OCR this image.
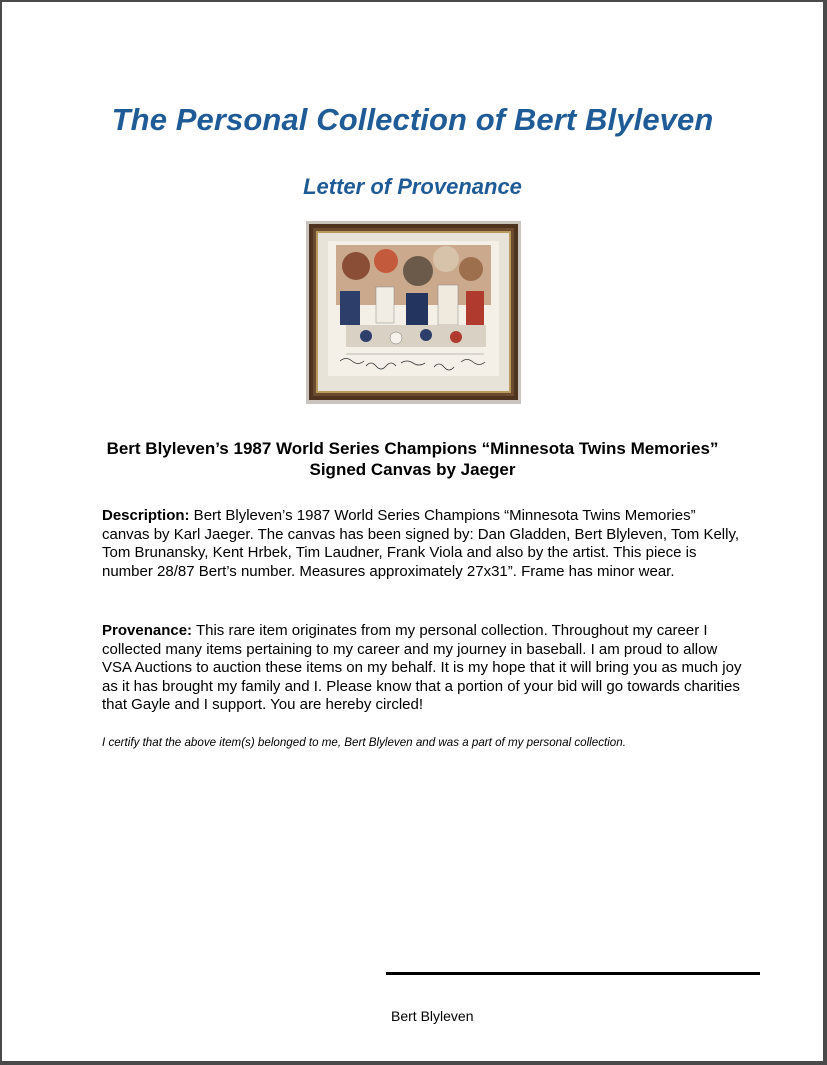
The Personal Collection of Bert Blyleven
Letter of Provenance
Bert Blyleven’s 1987 World Series Champions “Minnesota Twins Memories” Signed Canvas by Jaeger
Description: Bert Blyleven’s 1987 World Series Champions “Minnesota Twins Memories” canvas by Karl Jaeger. The canvas has been signed by: Dan Gladden, Bert Blyleven, Tom Kelly, Tom Brunansky, Kent Hrbek, Tim Laudner, Frank Viola and also by the artist. This piece is number 28/87 Bert’s number. Measures approximately 27x31”. Frame has minor wear.
Provenance: This rare item originates from my personal collection. Throughout my career I collected many items pertaining to my career and my journey in baseball. I am proud to allow VSA Auctions to auction these items on my behalf. It is my hope that it will bring you as much joy as it has brought my family and I. Please know that a portion of your bid will go towards charities that Gayle and I support. You are hereby circled!
I certify that the above item(s) belonged to me, Bert Blyleven and was a part of my personal collection.
Bert Blyleven
